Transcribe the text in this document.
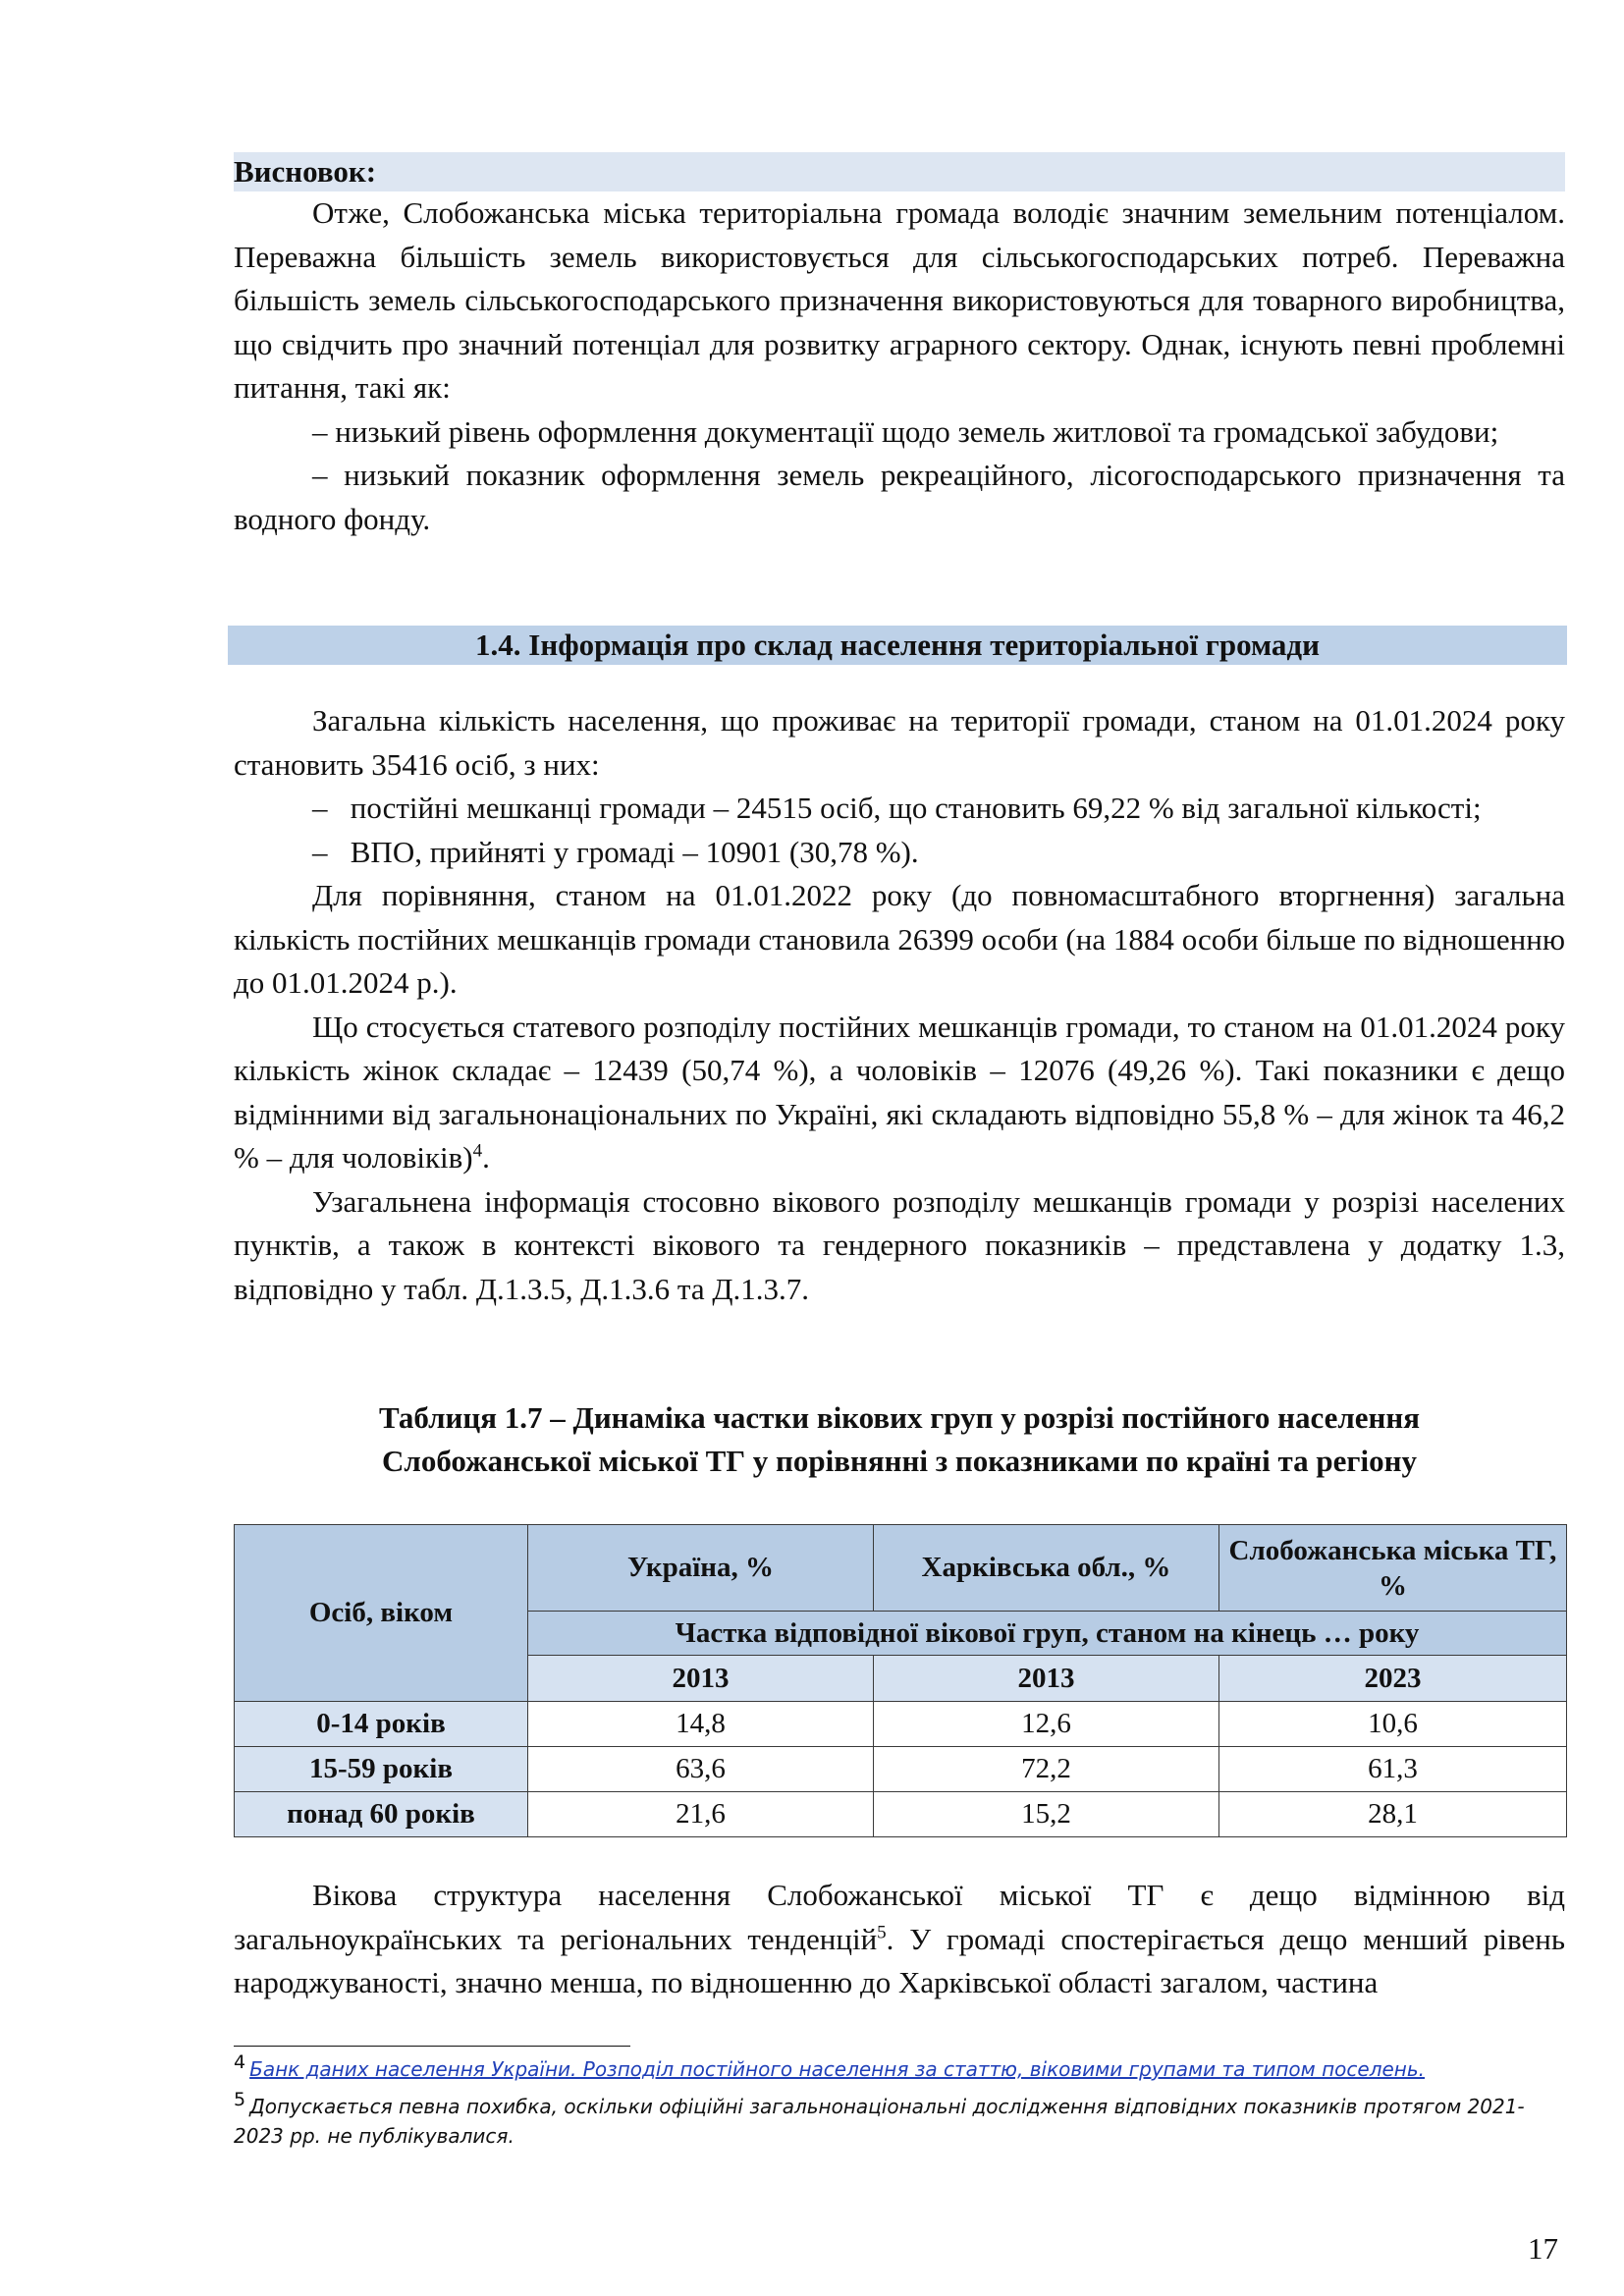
Висновок:

Отже, Слобожанська міська територіальна громада володіє значним земельним потенціалом. Переважна більшість земель використовується для сільськогосподарських потреб. Переважна більшість земель сільськогосподарського призначення використовуються для товарного виробництва, що свідчить про значний потенціал для розвитку аграрного сектору. Однак, існують певні проблемні питання, такі як:

– низький рівень оформлення документації щодо земель житлової та громадської забудови;

– низький показник оформлення земель рекреаційного, лісогосподарського призначення та водного фонду.

1.4. Інформація про склад населення територіальної громади

Загальна кількість населення, що проживає на території громади, станом на 01.01.2024 року становить 35416 осіб, з них:

–   постійні мешканці громади – 24515 осіб, що становить 69,22 % від загальної кількості;

–   ВПО, прийняті у громаді – 10901 (30,78 %).

Для порівняння, станом на 01.01.2022 року (до повномасштабного вторгнення) загальна кількість постійних мешканців громади становила 26399 особи (на 1884 особи більше по відношенню до 01.01.2024 р.).

Що стосується статевого розподілу постійних мешканців громади, то станом на 01.01.2024 року кількість жінок складає – 12439 (50,74 %), а чоловіків – 12076 (49,26 %). Такі показники є дещо відмінними від загальнонаціональних по Україні, які складають відповідно 55,8 % – для жінок та 46,2 % – для чоловіків)$^4$.

Узагальнена інформація стосовно вікового розподілу мешканців громади у розрізі населених пунктів, а також в контексті вікового та гендерного показників – представлена у додатку 1.3, відповідно у табл. Д.1.3.5, Д.1.3.6 та Д.1.3.7.

Таблиця 1.7 – Динаміка частки вікових груп у розрізі постійного населення

Слобожанської міської ТГ у порівнянні з показниками по країні та регіону

Осіб, віком	Україна, %	Харківська обл., %	Слобожанська міська ТГ, %
	Частка відповідної вікової груп, станом на кінець … року		
	2013	2013	2023
0-14 років	14,8	12,6	10,6
15-59 років	63,6	72,2	61,3
понад 60 років	21,6	15,2	28,1

Вікова структура населення Слобожанської міської ТГ є дещо відмінною від загальноукраїнських та регіональних тенденцій$^5$. У громаді спостерігається дещо менший рівень народжуваності, значно менша, по відношенню до Харківської області загалом, частина

4 Банк даних населення України. Розподіл постійного населення за статтю, віковими групами та типом поселень.
5 Допускається певна похибка, оскільки офіційні загальнонаціональні дослідження відповідних показників протягом 2021-2023 рр. не публікувалися.
17
